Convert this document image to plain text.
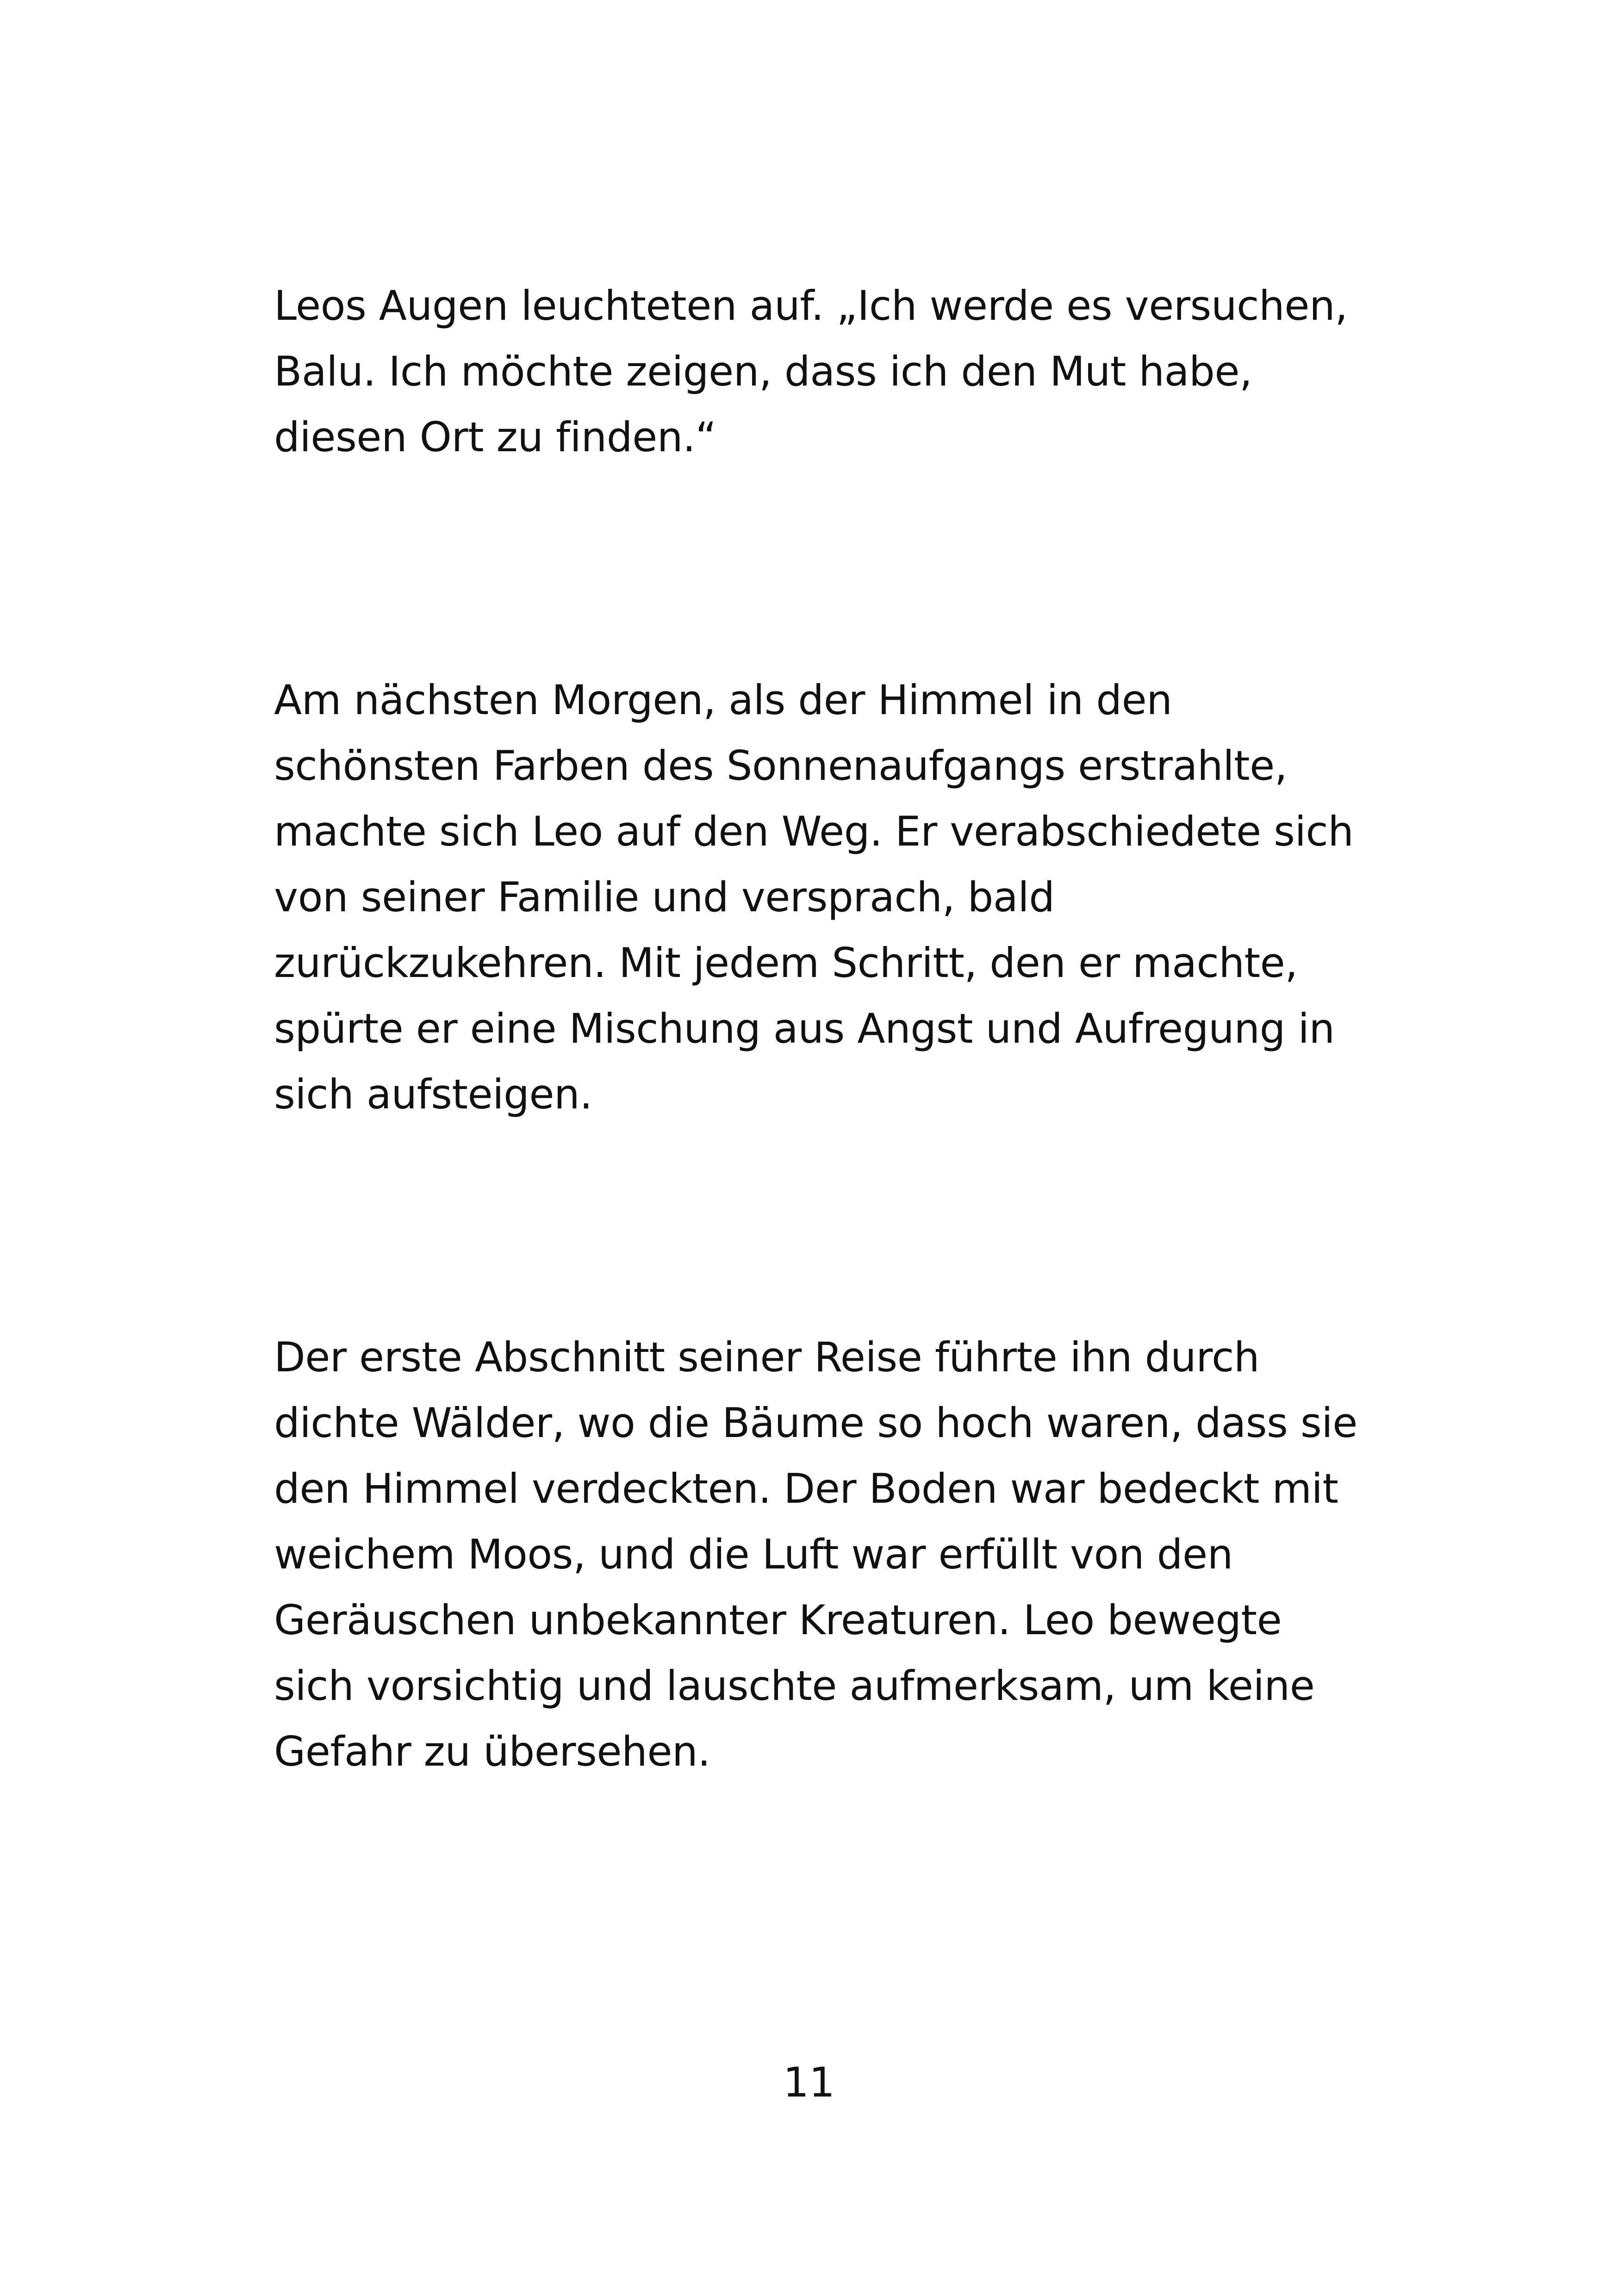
Leos Augen leuchteten auf. „Ich werde es versuchen,
Balu. Ich möchte zeigen, dass ich den Mut habe,
diesen Ort zu finden.“

Am nächsten Morgen, als der Himmel in den
schönsten Farben des Sonnenaufgangs erstrahlte,
machte sich Leo auf den Weg. Er verabschiedete sich
von seiner Familie und versprach, bald
zurückzukehren. Mit jedem Schritt, den er machte,
spürte er eine Mischung aus Angst und Aufregung in
sich aufsteigen.

Der erste Abschnitt seiner Reise führte ihn durch
dichte Wälder, wo die Bäume so hoch waren, dass sie
den Himmel verdeckten. Der Boden war bedeckt mit
weichem Moos, und die Luft war erfüllt von den
Geräuschen unbekannter Kreaturen. Leo bewegte
sich vorsichtig und lauschte aufmerksam, um keine
Gefahr zu übersehen.

11
